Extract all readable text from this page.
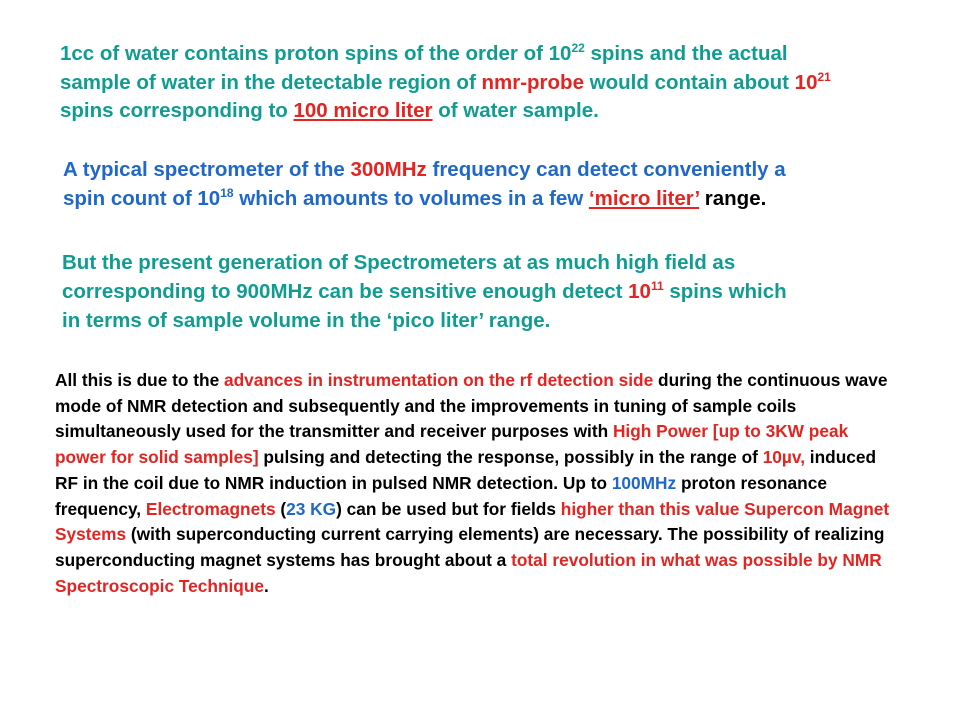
1cc of water contains proton spins of the order of $10^{22}$ spins and the actual sample of water in the detectable region of nmr-probe would contain about $10^{21}$ spins corresponding to 100 micro liter of water sample.

A typical spectrometer of the 300MHz frequency can detect conveniently a spin count of $10^{18}$ which amounts to volumes in a few ‘micro liter’ range.

But the present generation of Spectrometers at as much high field as corresponding to 900MHz can be sensitive enough detect $10^{11}$ spins which in terms of sample volume in the ‘pico liter’ range.

All this is due to the advances in instrumentation on the rf detection side during the continuous wave mode of NMR detection and subsequently and the improvements in tuning of sample coils simultaneously used for the transmitter and receiver purposes with High Power [up to 3KW peak power for solid samples] pulsing and detecting the response, possibly in the range of 10µv, induced RF in the coil due to NMR induction in pulsed NMR detection. Up to 100MHz proton resonance frequency, Electromagnets (23 KG) can be used but for fields higher than this value Supercon Magnet Systems (with superconducting current carrying elements) are necessary. The possibility of realizing superconducting magnet systems has brought about a total revolution in what was possible by NMR Spectroscopic Technique.
